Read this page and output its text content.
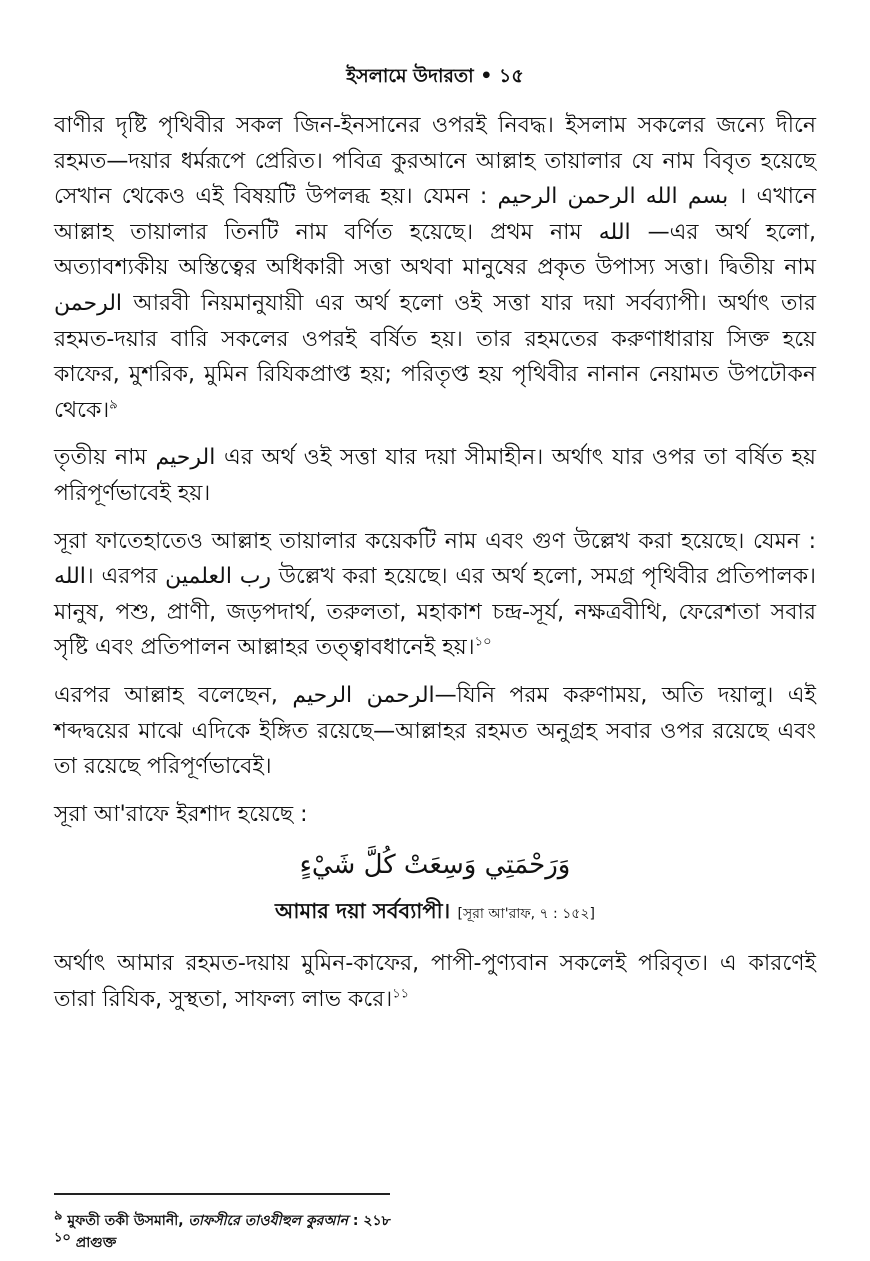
ইসলামে উদারতা • ১৫

বাণীর দৃষ্টি পৃথিবীর সকল জিন-ইনসানের ওপরই নিবদ্ধ। ইসলাম সকলের জন্যে দীনে রহমত—দয়ার ধর্মরূপে প্রেরিত। পবিত্র কুরআনে আল্লাহ তায়ালার যে নাম বিবৃত হয়েছে সেখান থেকেও এই বিষয়টি উপলব্ধ হয়। যেমন : بسم الله الرحمن الرحيم । এখানে আল্লাহ তায়ালার তিনটি নাম বর্ণিত হয়েছে। প্রথম নাম الله —এর অর্থ হলো, অত্যাবশ্যকীয় অস্তিত্বের অধিকারী সত্তা অথবা মানুষের প্রকৃত উপাস্য সত্তা। দ্বিতীয় নাম الرحمن আরবী নিয়মানুযায়ী এর অর্থ হলো ওই সত্তা যার দয়া সর্বব্যাপী। অর্থাৎ তার রহমত-দয়ার বারি সকলের ওপরই বর্ষিত হয়। তার রহমতের করুণাধারায় সিক্ত হয়ে কাফের, মুশরিক, মুমিন রিযিকপ্রাপ্ত হয়; পরিতৃপ্ত হয় পৃথিবীর নানান নেয়ামত উপঢৌকন থেকে।$^৯$

তৃতীয় নাম الرحيم এর অর্থ ওই সত্তা যার দয়া সীমাহীন। অর্থাৎ যার ওপর তা বর্ষিত হয় পরিপূর্ণভাবেই হয়।

সূরা ফাতেহাতেও আল্লাহ তায়ালার কয়েকটি নাম এবং গুণ উল্লেখ করা হয়েছে। যেমন : الله। এরপর رب العلمين উল্লেখ করা হয়েছে। এর অর্থ হলো, সমগ্র পৃথিবীর প্রতিপালক। মানুষ, পশু, প্রাণী, জড়পদার্থ, তরুলতা, মহাকাশ চন্দ্র-সূর্য, নক্ষত্রবীথি, ফেরেশতা সবার সৃষ্টি এবং প্রতিপালন আল্লাহর তত্ত্বাবধানেই হয়।$^{১০}$

এরপর আল্লাহ বলেছেন, الرحمن الرحيم—যিনি পরম করুণাময়, অতি দয়ালু। এই শব্দদ্বয়ের মাঝে এদিকে ইঙ্গিত রয়েছে—আল্লাহর রহমত অনুগ্রহ সবার ওপর রয়েছে এবং তা রয়েছে পরিপূর্ণভাবেই।

সূরা আ'রাফে ইরশাদ হয়েছে :

وَرَحْمَتِي وَسِعَتْ كُلَّ شَيْءٍ
আমার দয়া সর্বব্যাপী। [সূরা আ'রাফ, ৭ : ১৫২]

অর্থাৎ আমার রহমত-দয়ায় মুমিন-কাফের, পাপী-পুণ্যবান সকলেই পরিবৃত। এ কারণেই তারা রিযিক, সুস্থতা, সাফল্য লাভ করে।$^{১১}$

$^৯$ মুফতী তকী উসমানী, তাফসীরে তাওযীহুল কুরআন : ২১৮
$^{১০}$ প্রাগুক্ত
